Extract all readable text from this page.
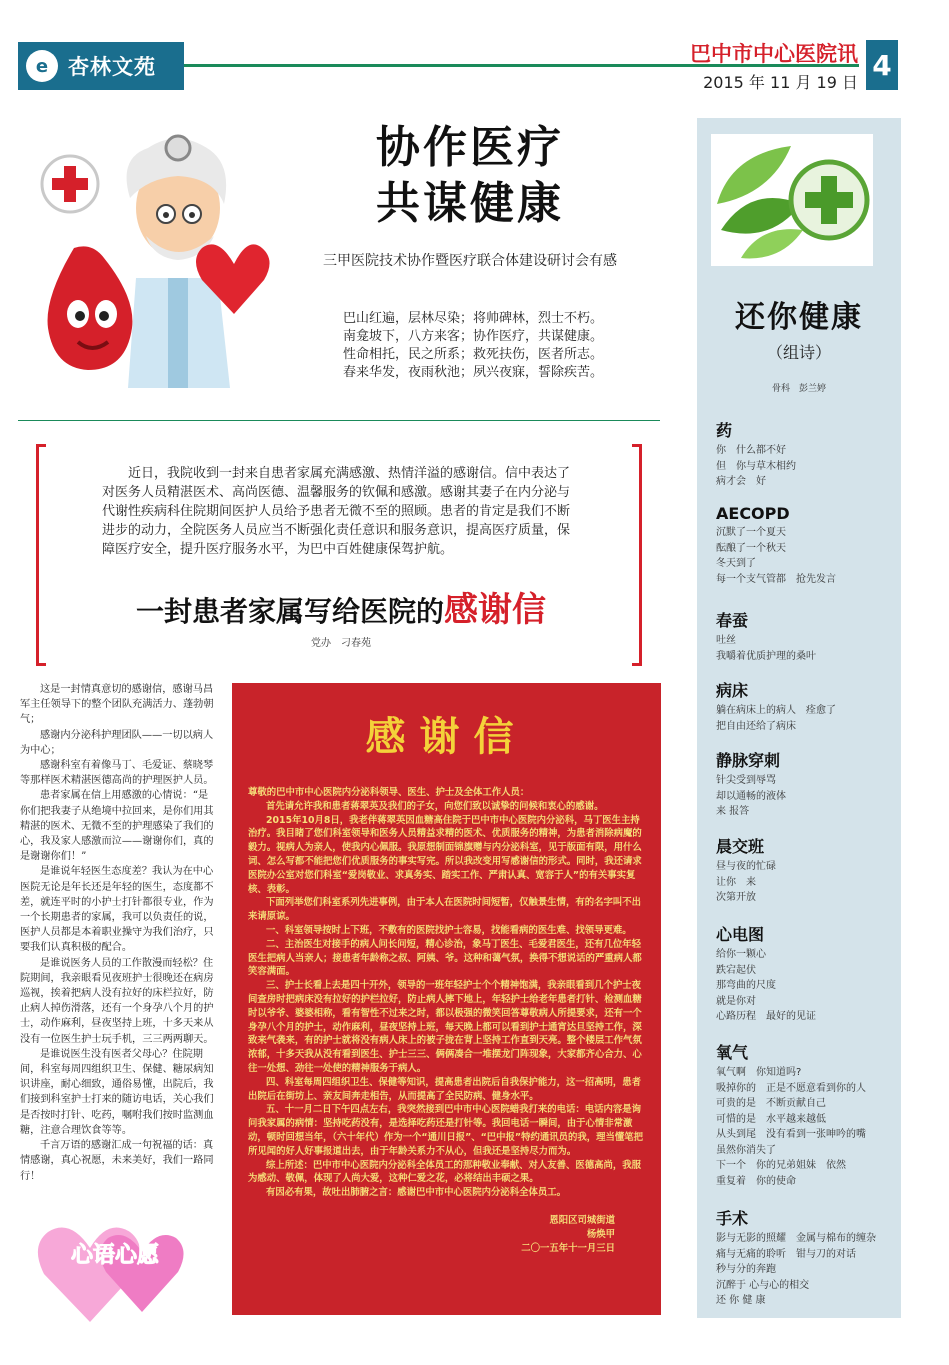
e 杏林文苑
巴中市中心医院讯
2015 年 11 月 19 日
4
协作医疗
共谋健康
三甲医院技术协作暨医疗联合体建设研讨会有感
巴山红遍，层林尽染；将帅碑林，烈士不朽。
南龛坡下，八方来客；协作医疗，共谋健康。
性命相托，民之所系；救死扶伤，医者所志。
春来华发，夜雨秋池；夙兴夜寐，誓除疾苦。
近日，我院收到一封来自患者家属充满感激、热情洋溢的感谢信。信中表达了对医务人员精湛医术、高尚医德、温馨服务的钦佩和感激。感谢其妻子在内分泌与代谢性疾病科住院期间医护人员给予患者无微不至的照顾。患者的肯定是我们不断进步的动力，全院医务人员应当不断强化责任意识和服务意识，提高医疗质量，保障医疗安全，提升医疗服务水平，为巴中百姓健康保驾护航。
一封患者家属写给医院的感谢信
党办　刁春苑

这是一封情真意切的感谢信，感谢马昌军主任领导下的整个团队充满活力、蓬勃朝气；

感谢内分泌科护理团队——一切以病人为中心；

感谢科室有着像马丁、毛爱证、蔡晓琴等那样医术精湛医德高尚的护理医护人员。

患者家属在信上用感激的心情说：“是你们把我妻子从绝境中拉回来，是你们用其精湛的医术、无微不至的护理感染了我们的心，我及家人感激而泣——谢谢你们，真的是谢谢你们！”

是谁说年轻医生态度差？我认为在中心医院无论是年长还是年轻的医生，态度都不差，就连平时的小护士打针都很专业，作为一个长期患者的家属，我可以负责任的说，医护人员都是本着职业操守为我们治疗，只要我们认真积极的配合。

是谁说医务人员的工作散漫而轻松？住院期间，我亲眼看见夜班护士很晚还在病房巡视，挨着把病人没有拉好的床栏拉好，防止病人掉伤滑落，还有一个身孕八个月的护士，动作麻利，昼夜坚持上班，十多天来从没有一位医生护士玩手机，三三两两聊天。

是谁说医生没有医者父母心？住院期间，科室每周四组织卫生、保健、糖尿病知识讲座，耐心细致，通俗易懂，出院后，我们接到科室护士打来的随访电话，关心我们是否按时打针、吃药，嘱咐我们按时监测血糖，注意合理饮食等等。

千言万语的感谢汇成一句祝福的话：真情感谢，真心祝愿，未来美好，我们一路同行！

心语心愿
感谢信

尊敬的巴中市中心医院内分泌科领导、医生、护士及全体工作人员：

首先请允许我和患者蒋翠英及我们的子女，向您们致以诚挚的问候和衷心的感谢。

2015年10月8日，我老伴蒋翠英因血糖高住院于巴中市中心医院内分泌科，马丁医生主持治疗。我目睹了您们科室领导和医务人员精益求精的医术、优质服务的精神，为患者消除病魔的毅力。视病人为亲人，使我内心佩服。我原想制面锦旗赠与内分泌科室，见于版面有限，用什么词、怎么写都不能把您们优质服务的事实写完。所以我改变用写感谢信的形式。同时，我还请求医院办公室对您们科室“爱岗敬业、求真务实、踏实工作、严肃认真、宽容于人”的有关事实复核、表彰。

下面列举您们科室系列先进事例，由于本人在医院时间短暂，仅触景生情，有的名字叫不出来请原谅。

一、科室领导按时上下班，不敷有的医院找护士容易，找能看病的医生难、找领导更难。

二、主治医生对接手的病人问长问短，精心诊治，象马丁医生、毛爱君医生，还有几位年轻医生把病人当亲人；接患者年龄称之叔、阿姨、爷。这种和蔼气氛，换得不想说话的严重病人都笑容满面。

三、护士长看上去是四十开外，领导的一班年轻护士个个精神饱满，我亲眼看到几个护士夜间查房时把病床没有拉好的护栏拉好，防止病人摔下地上，年轻护士给老年患者打针、检测血糖时以爷爷、婆婆相称，看有智性不过来之时，都以极强的微笑回答尊敬病人所提要求，还有一个身孕八个月的护士，动作麻利，昼夜坚持上班，每天晚上都可以看到护士通宵达旦坚持工作，深致来气袭来，有的护士就将没有病人床上的被子拢在背上坚持工作直到天亮。整个楼层工作气氛浓郁，十多天我从没有看到医生、护士三三、俩俩凑合一堆摆龙门阵现象，大家都齐心合力、心往一处想、劲往一处使的精神服务于病人。

四、科室每周四组织卫生、保健等知识，提高患者出院后自我保护能力，这一招高明，患者出院后在街坊上、亲友间奔走相告，从而提高了全民防病、健身水平。

五、十一月二日下午四点左右，我突然接到巴中市中心医院蜡我打来的电话：电话内容是询问我家属的病情：坚持吃药没有，是选择吃药还是打针等。我回电话一瞬间，由于心情非常激动，顿时回想当年，（六十年代）作为一个“通川日报”、“巴中报”特约通讯员的我，理当懂笔把所见闻的好人好事报道出去，由于年龄关系力不从心，但我还是坚持尽力而为。

综上所述：巴中市中心医院内分泌科全体员工的那种敬业奉献、对人友善、医德高尚，我服为感动、敬佩，体现了人尚大爱，这种仁爱之花，必将结出丰硕之果。

有因必有果，故吐出肺腑之言：感谢巴中市中心医院内分泌科全体员工。

恩阳区司城街道
杨焕甲
二〇一五年十一月三日
还你健康
（组诗）
骨科　彭兰婷
药
你　什么都不好
但　你与草木相约
病才会　好
AECOPD
沉默了一个夏天
酝酿了一个秋天
冬天到了
每一个支气管都　抢先发言
春蚕
吐丝
我嚼着优质护理的桑叶
病床
躺在病床上的病人　痊愈了
把自由还给了病床
静脉穿刺
针尖受到辱骂
却以通畅的液体
来 报答
晨交班
昼与夜的忙碌
让你　来
次第开放
心电图
给你一颗心
跌宕起伏
那弯曲的尺度
就是你对
心路历程　最好的见证
氧气
氧气啊　你知道吗?
吸掉你的　正是不愿意看到你的人
可贵的是　不断贡献自己
可惜的是　水平越来越低
从头到尾　没有看到一张呻吟的嘴
虽然你消失了
下一个　你的兄弟姐妹　依然
重复着　你的使命
手术
影与无影的照耀　金属与棉布的缠杂
痛与无痛的聆听　钳与刀的对话
秒与分的奔跑
沉醉于 心与心的相交
还 你 健 康
